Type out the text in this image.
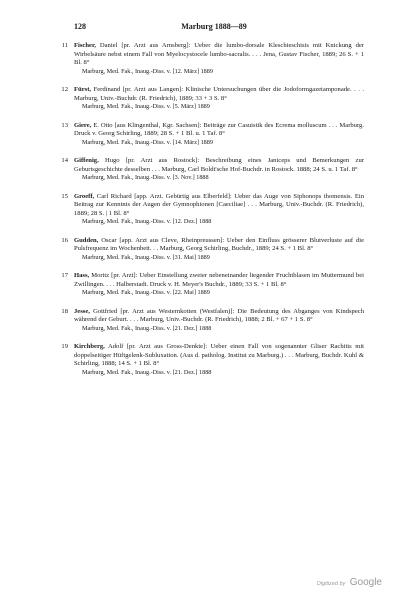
128	Marburg 1888—89
11 Fischer, Daniel [pr. Arzt aus Arnsberg]: Ueber die lumbo-dorsale Kleschieschisis mit Knickung der Wirbelsäure nebst einem Fall von Myelocystocele lumbo-sacralis. . . . Jena, Gustav Fischer, 1889; 26 S. + 1 Bl. 8°
Marburg, Med. Fak., Inaug.-Diss. v. [12. März] 1889
12 Fürst, Ferdinand [pr. Arzt aus Langen]: Klinische Untersuchungen über die Jodoformgazetamponade. . . . Marburg, Univ.-Buchdr. (R. Friedrich), 1889; 33 + 3 S. 8°
Marburg, Med. Fak., Inaug.-Diss. v. [5. März] 1889
13 Giere, E. Otto [aus Klingenthal, Kgr. Sachsen]: Beiträge zur Casuistik des Ecrema molluscum . . . Marburg. Druck v. Georg Schirling, 1889; 28 S. + 1 Bl. u. 1 Taf. 8°
Marburg, Med. Fak., Inaug.-Diss. v. [14. März] 1889
14 Giffenig, Hugo [pr. Arzt aus Rostock]: Beschreibung eines Janiceps und Bemerkungen zur Geburtsgeschichte desselben . . . Marburg, Carl Boldt'sche Hof-Buchdr. in Rostock. 1888; 24 S. u. 1 Taf. 8°
Marburg, Med. Fak., Inaug.-Diss. v. [3. Nov.] 1888
15 Groeff, Carl Richard [app. Arzt. Gebürtig aus Elberfeld]: Ueber das Auge von Siphonops thomensis. Ein Beitrag zur Kenntnis der Augen der Gymnophionen [Caeciliae] . . . Marburg, Univ.-Buchdr. (R. Friedrich), 1889; 28 S. | 1 Bl. 8°
Marburg, Med. Fak., Inaug.-Diss. v. [12. Dez.] 1888
16 Gudden, Oscar [app. Arzt aus Cleve, Rheinpreussen]: Ueber den Einfluss grösserer Blutverluste auf die Pulsfrequenz im Wochenbett. . . Marburg, Georg Schirling, Buchdr., 1889; 24 S. + 1 Bl. 8°
Marburg, Med. Fak., Inaug.-Diss. v. [31. Mai] 1889
17 Hass, Moritz [pr. Arzt]: Ueber Einstellung zweier nebeneinander liegender Fruchtblasen im Muttermund bei Zwillingen. . . . Halberstadt. Druck v. H. Meyer's Buchdr., 1889; 33 S. + 1 Bl. 8°
Marburg, Med. Fak., Inaug.-Diss. v. [22. Mai] 1889
18 Jesse, Gottfried [pr. Arzt aus Westernkotten (Westfalen)]: Die Bedeutung des Abganges von Kindspech während der Geburt. . . . Marburg, Univ.-Buchdr. (R. Friedrich), 1888; 2 Bl. + 67 + 1 S. 8°
Marburg, Med. Fak., Inaug.-Diss. v. [21. Dez.] 1888
19 Kirchberg, Adolf [pr. Arzt aus Gross-Denkte]: Ueber einen Fall von sogenannter Gliser Rachitis mit doppelseitiger Hüftgelenk-Subluxation. (Aus d. patholog. Institut zu Marburg.) . . . Marburg, Buchdr. Kuhl & Schirling, 1888; 14 S. + 1 Bl. 8°
Marburg, Med. Fak., Inaug.-Diss. v. [21. Dez.] 1888
Digitized by Google
